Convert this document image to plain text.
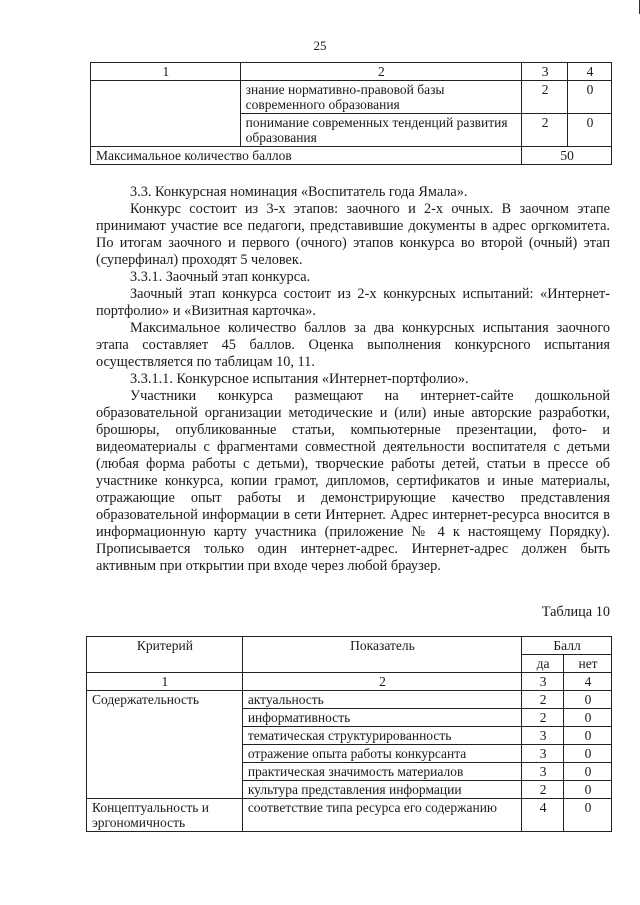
25
1	2	3	4
	знание нормативно-правовой базы современного образования	2	0
	понимание современных тенденций развития образования	2	0
Максимальное количество баллов		50	

3.3. Конкурсная номинация «Воспитатель года Ямала».

Конкурс состоит из 3-х этапов: заочного и 2-х очных. В заочном этапе принимают участие все педагоги, представившие документы в адрес оргкомитета. По итогам заочного и первого (очного) этапов конкурса во второй (очный) этап (суперфинал) проходят 5 человек.

3.3.1. Заочный этап конкурса.

Заочный этап конкурса состоит из 2-х конкурсных испытаний: «Интернет-портфолио» и «Визитная карточка».

Максимальное количество баллов за два конкурсных испытания заочного этапа составляет 45 баллов. Оценка выполнения конкурсного испытания осуществляется по таблицам 10, 11.

3.3.1.1. Конкурсное испытания «Интернет-портфолио».

Участники конкурса размещают на интернет-сайте дошкольной образовательной организации методические и (или) иные авторские разработки, брошюры, опубликованные статьи, компьютерные презентации, фото- и видеоматериалы с фрагментами совместной деятельности воспитателя с детьми (любая форма работы с детьми), творческие работы детей, статьи в прессе об участнике конкурса, копии грамот, дипломов, сертификатов и иные материалы, отражающие опыт работы и демонстрирующие качество представления образовательной информации в сети Интернет. Адрес интернет-ресурса вносится в информационную карту участника (приложение № 4 к настоящему Порядку). Прописывается только один интернет-адрес. Интернет-адрес должен быть активным при открытии при входе через любой браузер.

Таблица 10
Критерий	Показатель	Балл	
		да	нет
1	2	3	4
Содержательность	актуальность	2	0
	информативность	2	0
	тематическая структурированность	3	0
	отражение опыта работы конкурсанта	3	0
	практическая значимость материалов	3	0
	культура представления информации	2	0
Концептуальность и эргономичность	соответствие типа ресурса его содержанию	4	0
